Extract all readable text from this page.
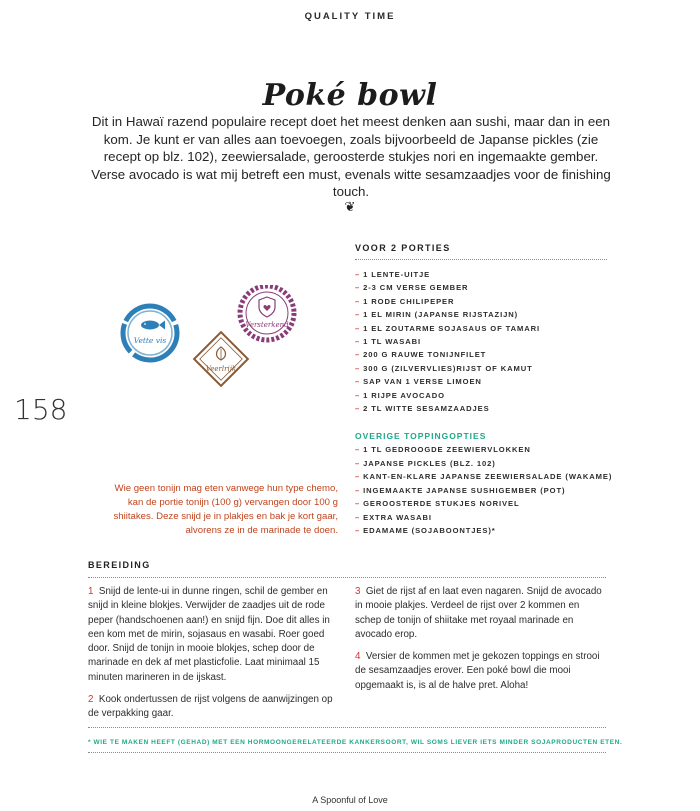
QUALITY TIME
Poké bowl
Dit in Hawaï razend populaire recept doet het meest denken aan sushi, maar dan in een kom. Je kunt er van alles aan toevoegen, zoals bijvoorbeeld de Japanse pickles (zie recept op blz. 102), zeewiersalade, geroosterde stukjes nori en ingemaakte gember. Verse avocado is wat mij betreft een must, evenals witte sesamzaadjes voor de finishing touch.
❦
158
Vette vis
Veerlrijk
Versterkend
Wie geen tonijn mag eten vanwege hun type chemo, kan de portie tonijn (100 g) vervangen door 100 g shiitakes. Deze snijd je in plakjes en bak je kort gaar, alvorens ze in de marinade te doen.
VOOR 2 PORTIES
– 1 LENTE-UITJE
– 2-3 CM VERSE GEMBER
– 1 RODE CHILIPEPER
– 1 EL MIRIN (JAPANSE RIJSTAZIJN)
– 1 EL ZOUTARME SOJASAUS OF TAMARI
– 1 TL WASABI
– 200 G RAUWE TONIJNFILET
– 300 G (ZILVERVLIES)RIJST OF KAMUT
– SAP VAN 1 VERSE LIMOEN
– 1 RIJPE AVOCADO
– 2 TL WITTE SESAMZAADJES
OVERIGE TOPPINGOPTIES
– 1 TL GEDROOGDE ZEEWIERVLOKKEN
– JAPANSE PICKLES (BLZ. 102)
– KANT-EN-KLARE JAPANSE ZEEWIERSALADE (WAKAME)
– INGEMAAKTE JAPANSE SUSHIGEMBER (POT)
– GEROOSTERDE STUKJES NORIVEL
– EXTRA WASABI
– EDAMAME (SOJABOONTJES)*
BEREIDING

1 Snijd de lente-ui in dunne ringen, schil de gember en snijd in kleine blokjes. Verwijder de zaadjes uit de rode peper (handschoenen aan!) en snijd fijn. Doe dit alles in een kom met de mirin, sojasaus en wasabi. Roer goed door. Snijd de tonijn in mooie blokjes, schep door de marinade en dek af met plasticfolie. Laat minimaal 15 minuten marineren in de ijskast.

2 Kook ondertussen de rijst volgens de aanwijzingen op de verpakking gaar.

3 Giet de rijst af en laat even nagaren. Snijd de avocado in mooie plakjes. Verdeel de rijst over 2 kommen en schep de tonijn of shiitake met royaal marinade en avocado erop.

4 Versier de kommen met je gekozen toppings en strooi de sesamzaadjes erover. Een poké bowl die mooi opgemaakt is, is al de halve pret. Aloha!

* WIE TE MAKEN HEEFT (GEHAD) MET EEN HORMOONGERELATEERDE KANKERSOORT, WIL SOMS LIEVER IETS MINDER SOJAPRODUCTEN ETEN.
A Spoonful of Love
